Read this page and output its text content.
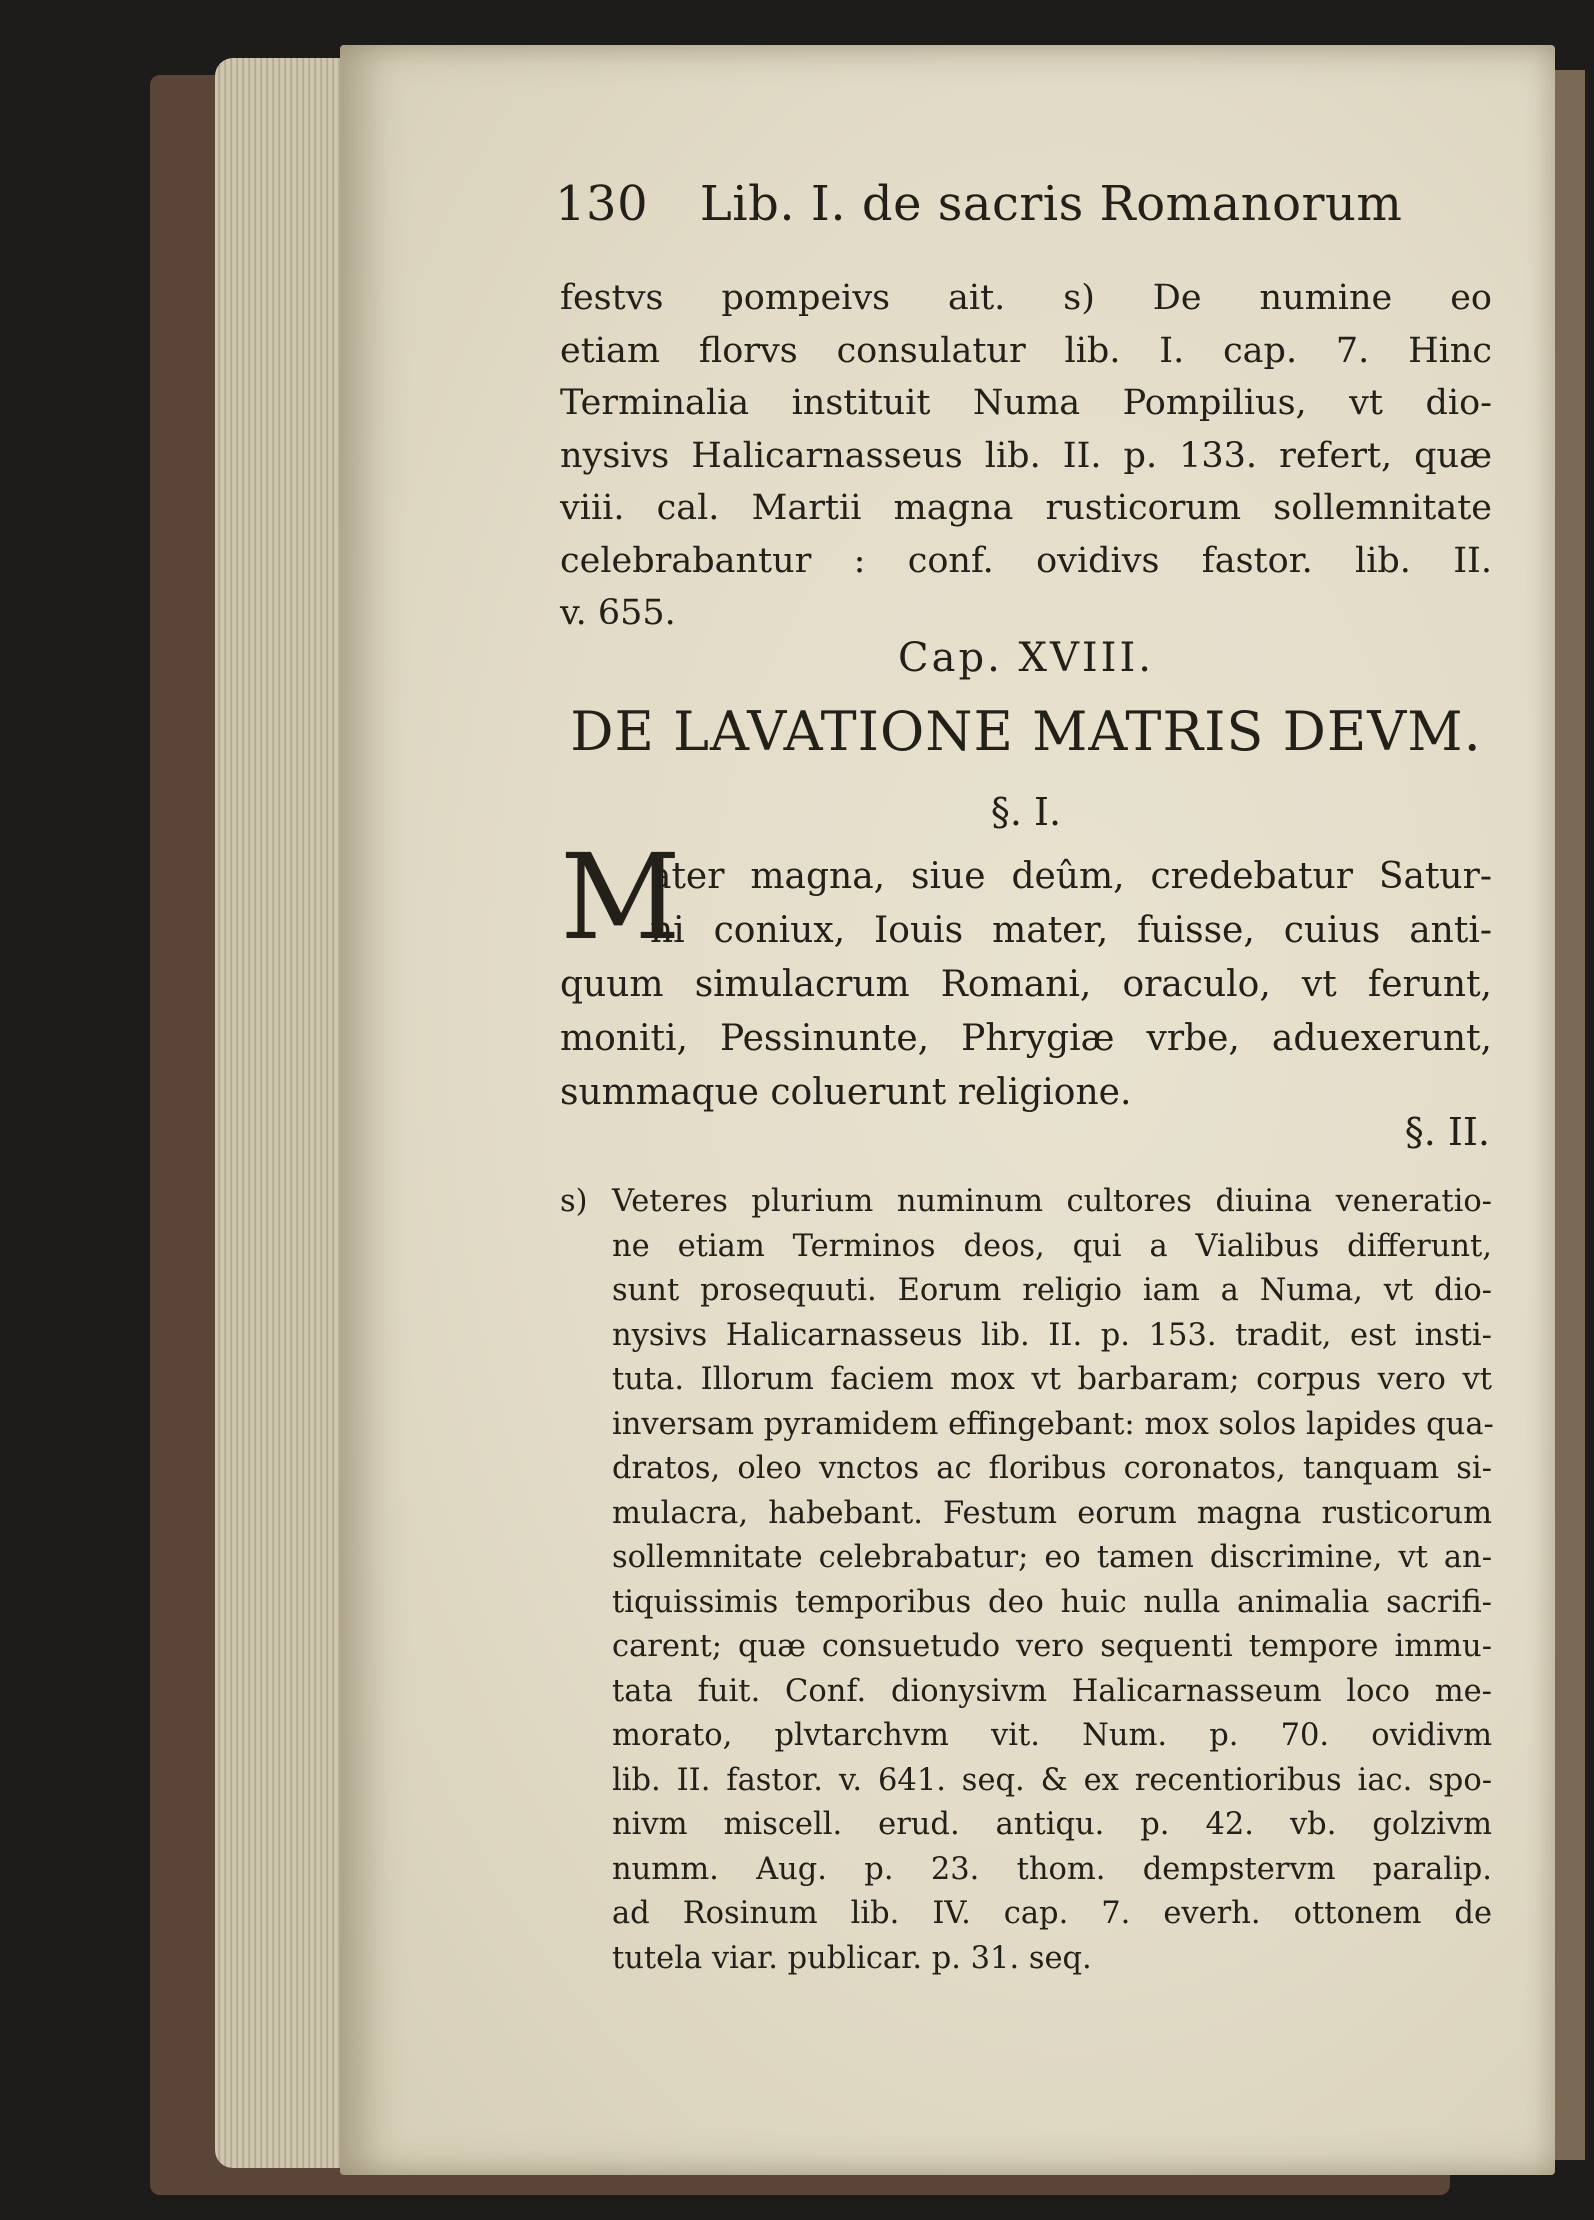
130 Lib. I. de sacris Romanorum
festvs pompeivs ait. s) De numine eo
etiam florvs consulatur lib. I. cap. 7. Hinc
Terminalia instituit Numa Pompilius, vt dio-
nysivs Halicarnasseus lib. II. p. 133. refert, quæ
viii. cal. Martii magna rusticorum sollemnitate
celebrabantur : conf. ovidivs fastor. lib. II.
v. 655.
Cap. XVIII.
DE LAVATIONE MATRIS DEVM.
§. I.
M
ater magna, siue deûm, credebatur Satur-
ni coniux, Iouis mater, fuisse, cuius anti-
quum simulacrum Romani, oraculo, vt ferunt,
moniti, Pessinunte, Phrygiæ vrbe, aduexerunt,
summaque coluerunt religione.
§. II.
s) Veteres plurium numinum cultores diuina veneratio-
ne etiam Terminos deos, qui a Vialibus differunt,
sunt prosequuti. Eorum religio iam a Numa, vt dio-
nysivs Halicarnasseus lib. II. p. 153. tradit, est insti-
tuta. Illorum faciem mox vt barbaram; corpus vero vt
inversam pyramidem effingebant: mox solos lapides qua-
dratos, oleo vnctos ac floribus coronatos, tanquam si-
mulacra, habebant. Festum eorum magna rusticorum
sollemnitate celebrabatur; eo tamen discrimine, vt an-
tiquissimis temporibus deo huic nulla animalia sacrifi-
carent; quæ consuetudo vero sequenti tempore immu-
tata fuit. Conf. dionysivm Halicarnasseum loco me-
morato, plvtarchvm vit. Num. p. 70. ovidivm
lib. II. fastor. v. 641. seq. & ex recentioribus iac. spo-
nivm miscell. erud. antiqu. p. 42. vb. golzivm
numm. Aug. p. 23. thom. dempstervm paralip.
ad Rosinum lib. IV. cap. 7. everh. ottonem de
tutela viar. publicar. p. 31. seq.
